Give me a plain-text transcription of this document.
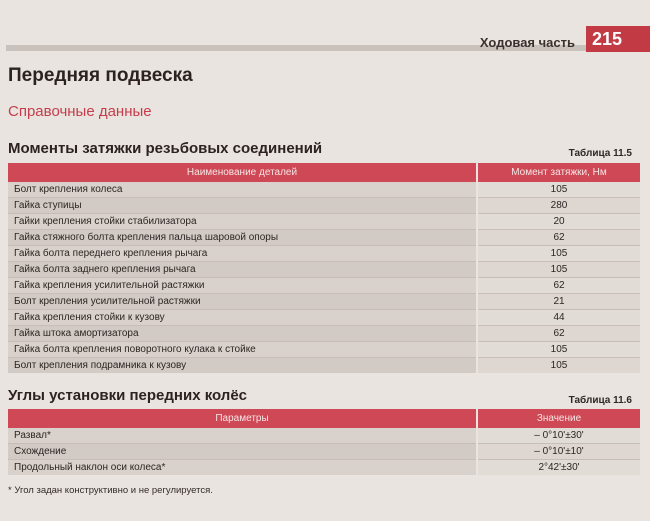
Ходовая часть 215
Передняя подвеска
Справочные данные
Моменты затяжки резьбовых соединений	Таблица 11.5
Наименование деталей	Момент затяжки, Нм
Болт крепления колеса	105
Гайка ступицы	280
Гайки крепления стойки стабилизатора	20
Гайка стяжного болта крепления пальца шаровой опоры	62
Гайка болта переднего крепления рычага	105
Гайка болта заднего крепления рычага	105
Гайка крепления усилительной растяжки	62
Болт крепления усилительной растяжки	21
Гайка крепления стойки к кузову	44
Гайка штока амортизатора	62
Гайка болта крепления поворотного кулака к стойке	105
Болт крепления подрамника к кузову	105
Углы установки передних колёс	Таблица 11.6
Параметры	Значение
Развал*	– 0°10'±30'
Схождение	– 0°10'±10'
Продольный наклон оси колеса*	2°42'±30'
* Угол задан конструктивно и не регулируется.
